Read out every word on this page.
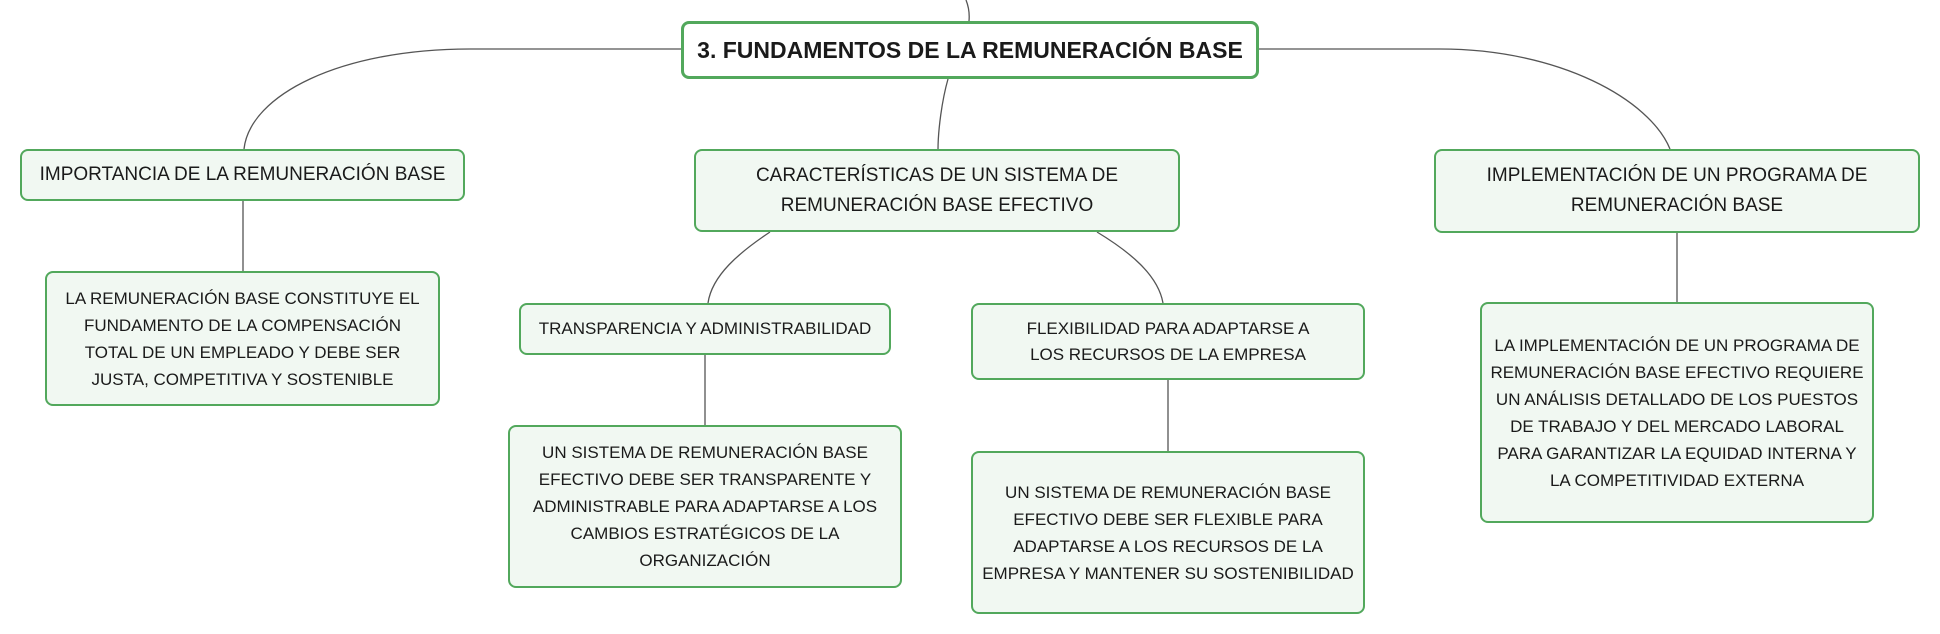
3. FUNDAMENTOS DE LA REMUNERACIÓN BASE
IMPORTANCIA DE LA REMUNERACIÓN BASE	CARACTERÍSTICAS DE UN SISTEMA DE REMUNERACIÓN BASE EFECTIVO
IMPLEMENTACIÓN DE UN PROGRAMA DE REMUNERACIÓN BASE
LA REMUNERACIÓN BASE CONSTITUYE EL FUNDAMENTO DE LA COMPENSACIÓN TOTAL DE UN EMPLEADO Y DEBE SER JUSTA, COMPETITIVA Y SOSTENIBLE
TRANSPARENCIA Y ADMINISTRABILIDAD	FLEXIBILIDAD PARA ADAPTARSE A LOS RECURSOS DE LA EMPRESA
UN SISTEMA DE REMUNERACIÓN BASE EFECTIVO DEBE SER TRANSPARENTE Y ADMINISTRABLE PARA ADAPTARSE A LOS CAMBIOS ESTRATÉGICOS DE LA ORGANIZACIÓN
UN SISTEMA DE REMUNERACIÓN BASE EFECTIVO DEBE SER FLEXIBLE PARA ADAPTARSE A LOS RECURSOS DE LA EMPRESA Y MANTENER SU SOSTENIBILIDAD
LA IMPLEMENTACIÓN DE UN PROGRAMA DE REMUNERACIÓN BASE EFECTIVO REQUIERE UN ANÁLISIS DETALLADO DE LOS PUESTOS DE TRABAJO Y DEL MERCADO LABORAL PARA GARANTIZAR LA EQUIDAD INTERNA Y LA COMPETITIVIDAD EXTERNA
